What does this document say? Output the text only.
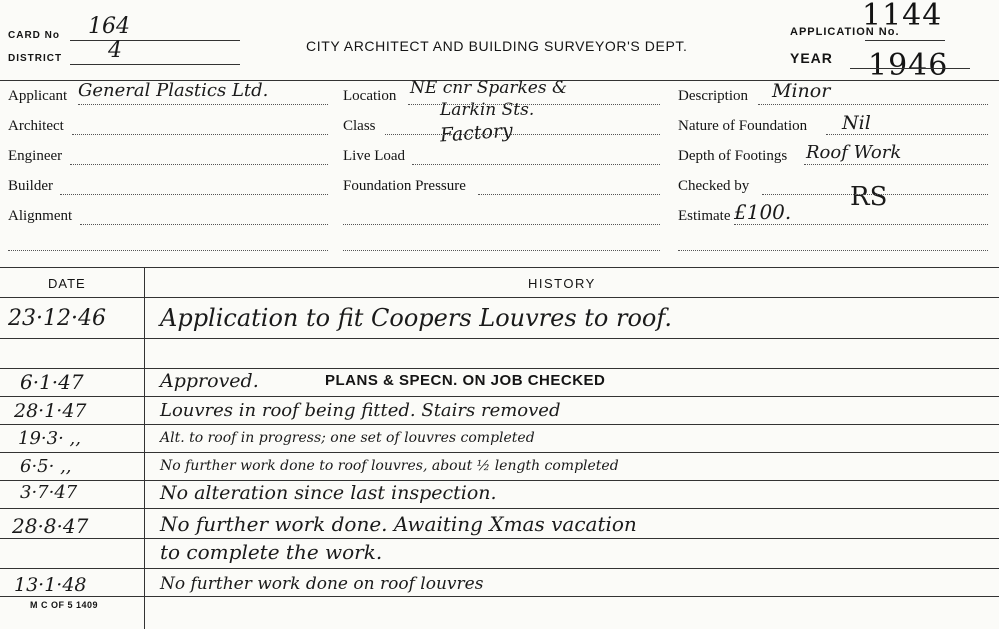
CARD No 164
DISTRICT 4	CITY ARCHITECT AND BUILDING SURVEYOR'S DEPT.
APPLICATION No.
1144
YEAR 1946
Applicant General Plastics Ltd.
Architect
Engineer
Builder
Alignment
Location NE cnr Sparkes &
Larkin Sts.
Class	Factory
Live Load
Foundation Pressure
Description Minor
Nature of Foundation Nil
Depth of Footings Roof Work
Checked by	RS
Estimate £100.
DATE	HISTORY
23·12·46 Application to fit Coopers Louvres to roof.
6·1·47	Approved.	PLANS & SPECN. ON JOB CHECKED
28·1·47	Louvres in roof being fitted. Stairs removed
19·3· ,,	Alt. to roof in progress; one set of louvres completed
6·5· ,,	No further work done to roof louvres, about ½ length completed
3·7·47	No alteration since last inspection.
28·8·47	No further work done. Awaiting Xmas vacation
to complete the work.
13·1·48	No further work done on roof louvres
M C OF 5 1409
